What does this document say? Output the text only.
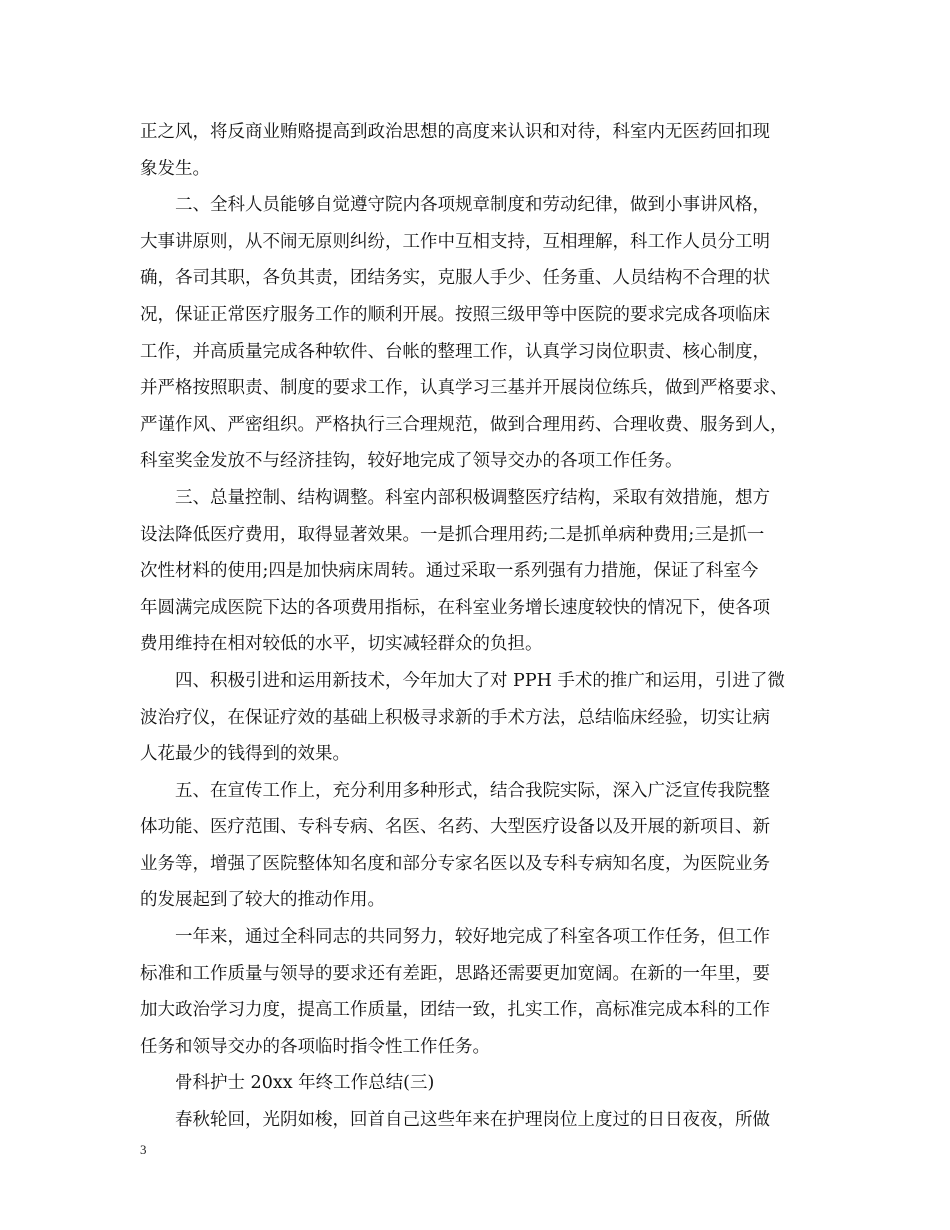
正之风，将反商业贿赂提高到政治思想的高度来认识和对待，科室内无医药回扣现
象发生。
二、全科人员能够自觉遵守院内各项规章制度和劳动纪律，做到小事讲风格，
大事讲原则，从不闹无原则纠纷，工作中互相支持，互相理解，科工作人员分工明
确，各司其职，各负其责，团结务实，克服人手少、任务重、人员结构不合理的状
况，保证正常医疗服务工作的顺利开展。按照三级甲等中医院的要求完成各项临床
工作，并高质量完成各种软件、台帐的整理工作，认真学习岗位职责、核心制度，
并严格按照职责、制度的要求工作，认真学习三基并开展岗位练兵，做到严格要求、
严谨作风、严密组织。严格执行三合理规范，做到合理用药、合理收费、服务到人，
科室奖金发放不与经济挂钩，较好地完成了领导交办的各项工作任务。
三、总量控制、结构调整。科室内部积极调整医疗结构，采取有效措施，想方
设法降低医疗费用，取得显著效果。一是抓合理用药;二是抓单病种费用;三是抓一
次性材料的使用;四是加快病床周转。通过采取一系列强有力措施，保证了科室今
年圆满完成医院下达的各项费用指标，在科室业务增长速度较快的情况下，使各项
费用维持在相对较低的水平，切实减轻群众的负担。
四、积极引进和运用新技术，今年加大了对 PPH 手术的推广和运用，引进了微
波治疗仪，在保证疗效的基础上积极寻求新的手术方法，总结临床经验，切实让病
人花最少的钱得到的效果。
五、在宣传工作上，充分利用多种形式，结合我院实际，深入广泛宣传我院整
体功能、医疗范围、专科专病、名医、名药、大型医疗设备以及开展的新项目、新
业务等，增强了医院整体知名度和部分专家名医以及专科专病知名度，为医院业务
的发展起到了较大的推动作用。
一年来，通过全科同志的共同努力，较好地完成了科室各项工作任务，但工作
标准和工作质量与领导的要求还有差距，思路还需要更加宽阔。在新的一年里，要
加大政治学习力度，提高工作质量，团结一致，扎实工作，高标准完成本科的工作
任务和领导交办的各项临时指令性工作任务。
骨科护士 20xx 年终工作总结(三)
春秋轮回，光阴如梭，回首自己这些年来在护理岗位上度过的日日夜夜，所做
3
